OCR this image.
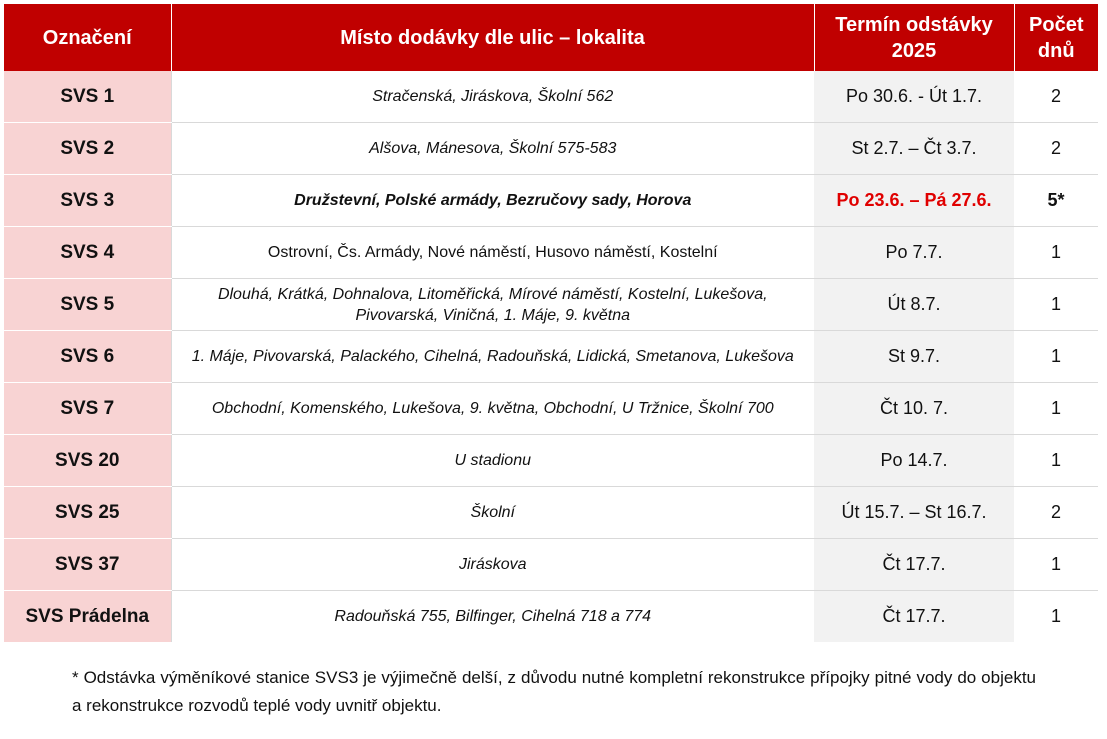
Označení	Místo dodávky dle ulic – lokalita	Termín odstávky 2025	Počet dnů
SVS 1	Stračenská, Jiráskova, Školní 562	Po 30.6. - Út 1.7.	2
SVS 2	Alšova, Mánesova, Školní 575-583	St 2.7. – Čt 3.7.	2
SVS 3	Družstevní, Polské armády, Bezručovy sady, Horova	Po 23.6. – Pá 27.6.	5*
SVS 4	Ostrovní, Čs. Armády, Nové náměstí, Husovo náměstí, Kostelní	Po 7.7.	1
SVS 5	Dlouhá, Krátká, Dohnalova, Litoměřická, Mírové náměstí, Kostelní, Lukešova, Pivovarská, Viničná, 1. Máje, 9. května	Út 8.7.	1
SVS 6	1. Máje, Pivovarská, Palackého, Cihelná, Radouňská, Lidická, Smetanova, Lukešova	St 9.7.	1
SVS 7	Obchodní, Komenského, Lukešova, 9. května, Obchodní, U Tržnice, Školní 700	Čt 10. 7.	1
SVS 20	U stadionu	Po 14.7.	1
SVS 25	Školní	Út 15.7. – St 16.7.	2
SVS 37	Jiráskova	Čt 17.7.	1
SVS Prádelna	Radouňská 755, Bilfinger, Cihelná 718 a 774	Čt 17.7.	1

* Odstávka výměníkové stanice SVS3 je výjimečně delší, z důvodu nutné kompletní rekonstrukce přípojky pitné vody do objektu a rekonstrukce rozvodů teplé vody uvnitř objektu.
